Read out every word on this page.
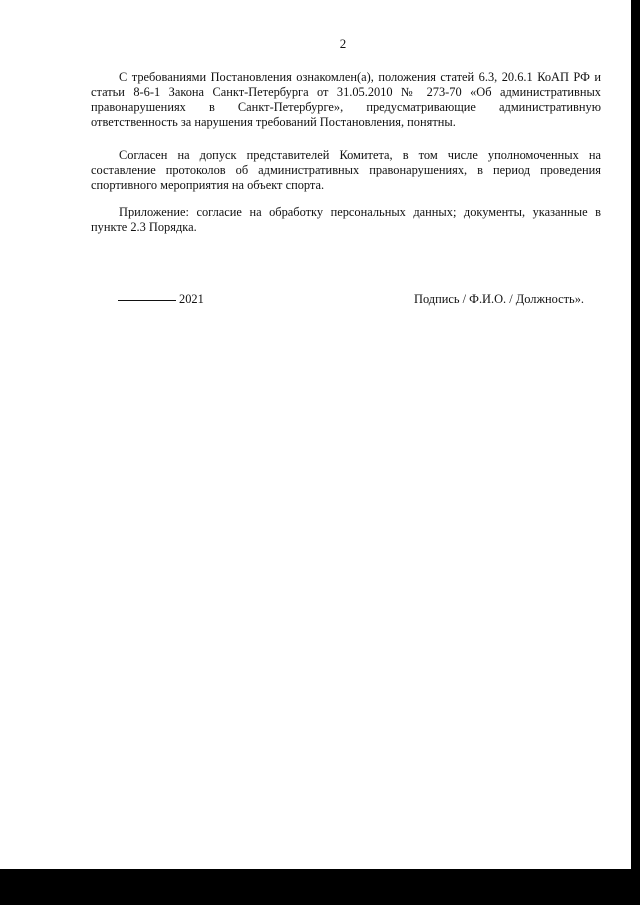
2

С требованиями Постановления ознакомлен(а), положения статей 6.3, 20.6.1 КоАП РФ и статьи 8-6-1 Закона Санкт-Петербурга от 31.05.2010 № 273-70 «Об административных правонарушениях в Санкт-Петербурге», предусматривающие административную ответственность за нарушения требований Постановления, понятны.

Согласен на допуск представителей Комитета, в том числе уполномоченных на составление протоколов об административных правонарушениях, в период проведения спортивного мероприятия на объект спорта.

Приложение: согласие на обработку персональных данных; документы, указанные в пункте 2.3 Порядка.

2021	Подпись / Ф.И.О. / Должность».
